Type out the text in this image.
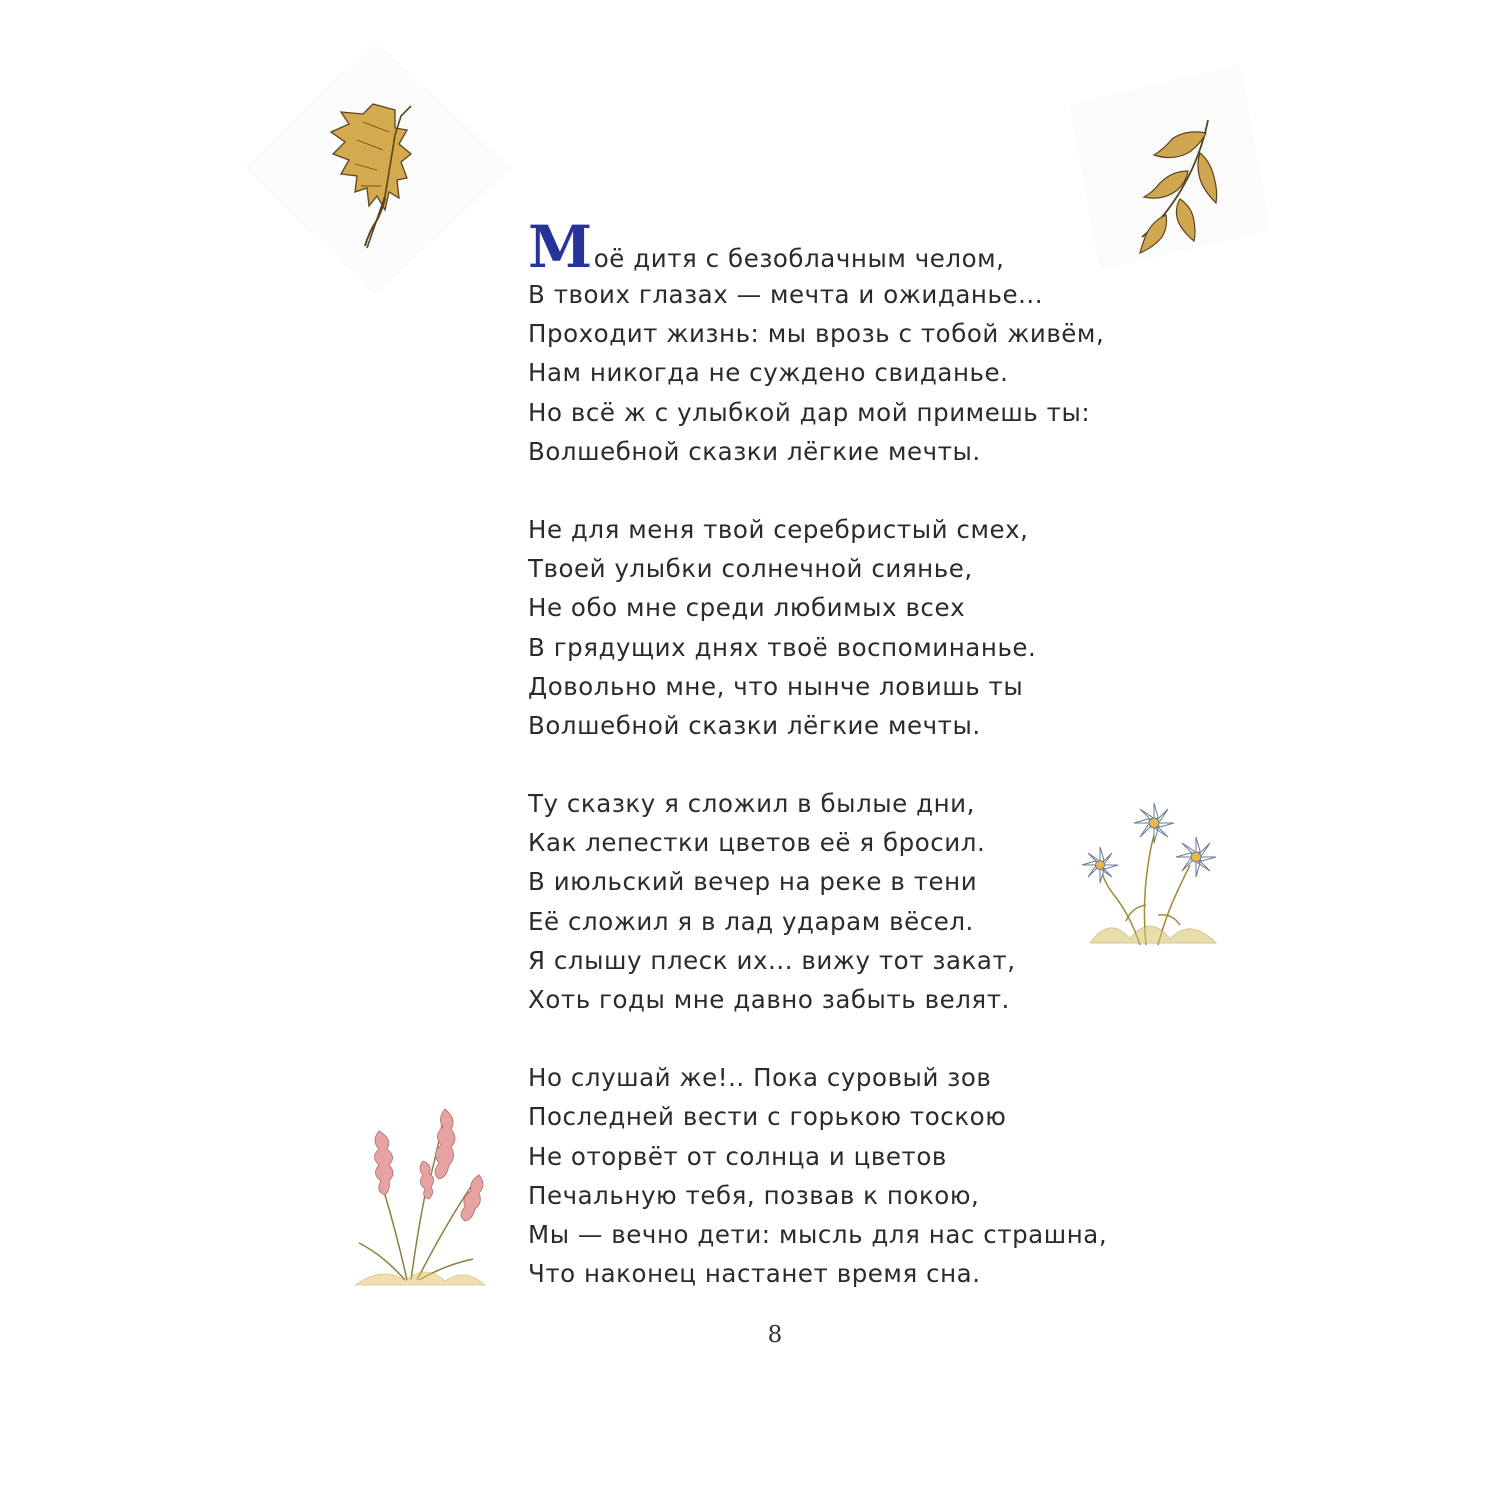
Моё дитя с безоблачным челом,
В твоих глазах — мечта и ожиданье...
Проходит жизнь: мы врозь с тобой живём,
Нам никогда не суждено свиданье.
Но всё ж с улыбкой дар мой примешь ты:
Волшебной сказки лёгкие мечты.
Не для меня твой серебристый смех,
Твоей улыбки солнечной сиянье,
Не обо мне среди любимых всех
В грядущих днях твоё воспоминанье.
Довольно мне, что нынче ловишь ты
Волшебной сказки лёгкие мечты.
Ту сказку я сложил в былые дни,
Как лепестки цветов её я бросил.
В июльский вечер на реке в тени
Её сложил я в лад ударам вёсел.
Я слышу плеск их... вижу тот закат,
Хоть годы мне давно забыть велят.
Но слушай же!.. Пока суровый зов
Последней вести с горькою тоскою
Не оторвёт от солнца и цветов
Печальную тебя, позвав к покою,
Мы — вечно дети: мысль для нас страшна,
Что наконец настанет время сна.
8
